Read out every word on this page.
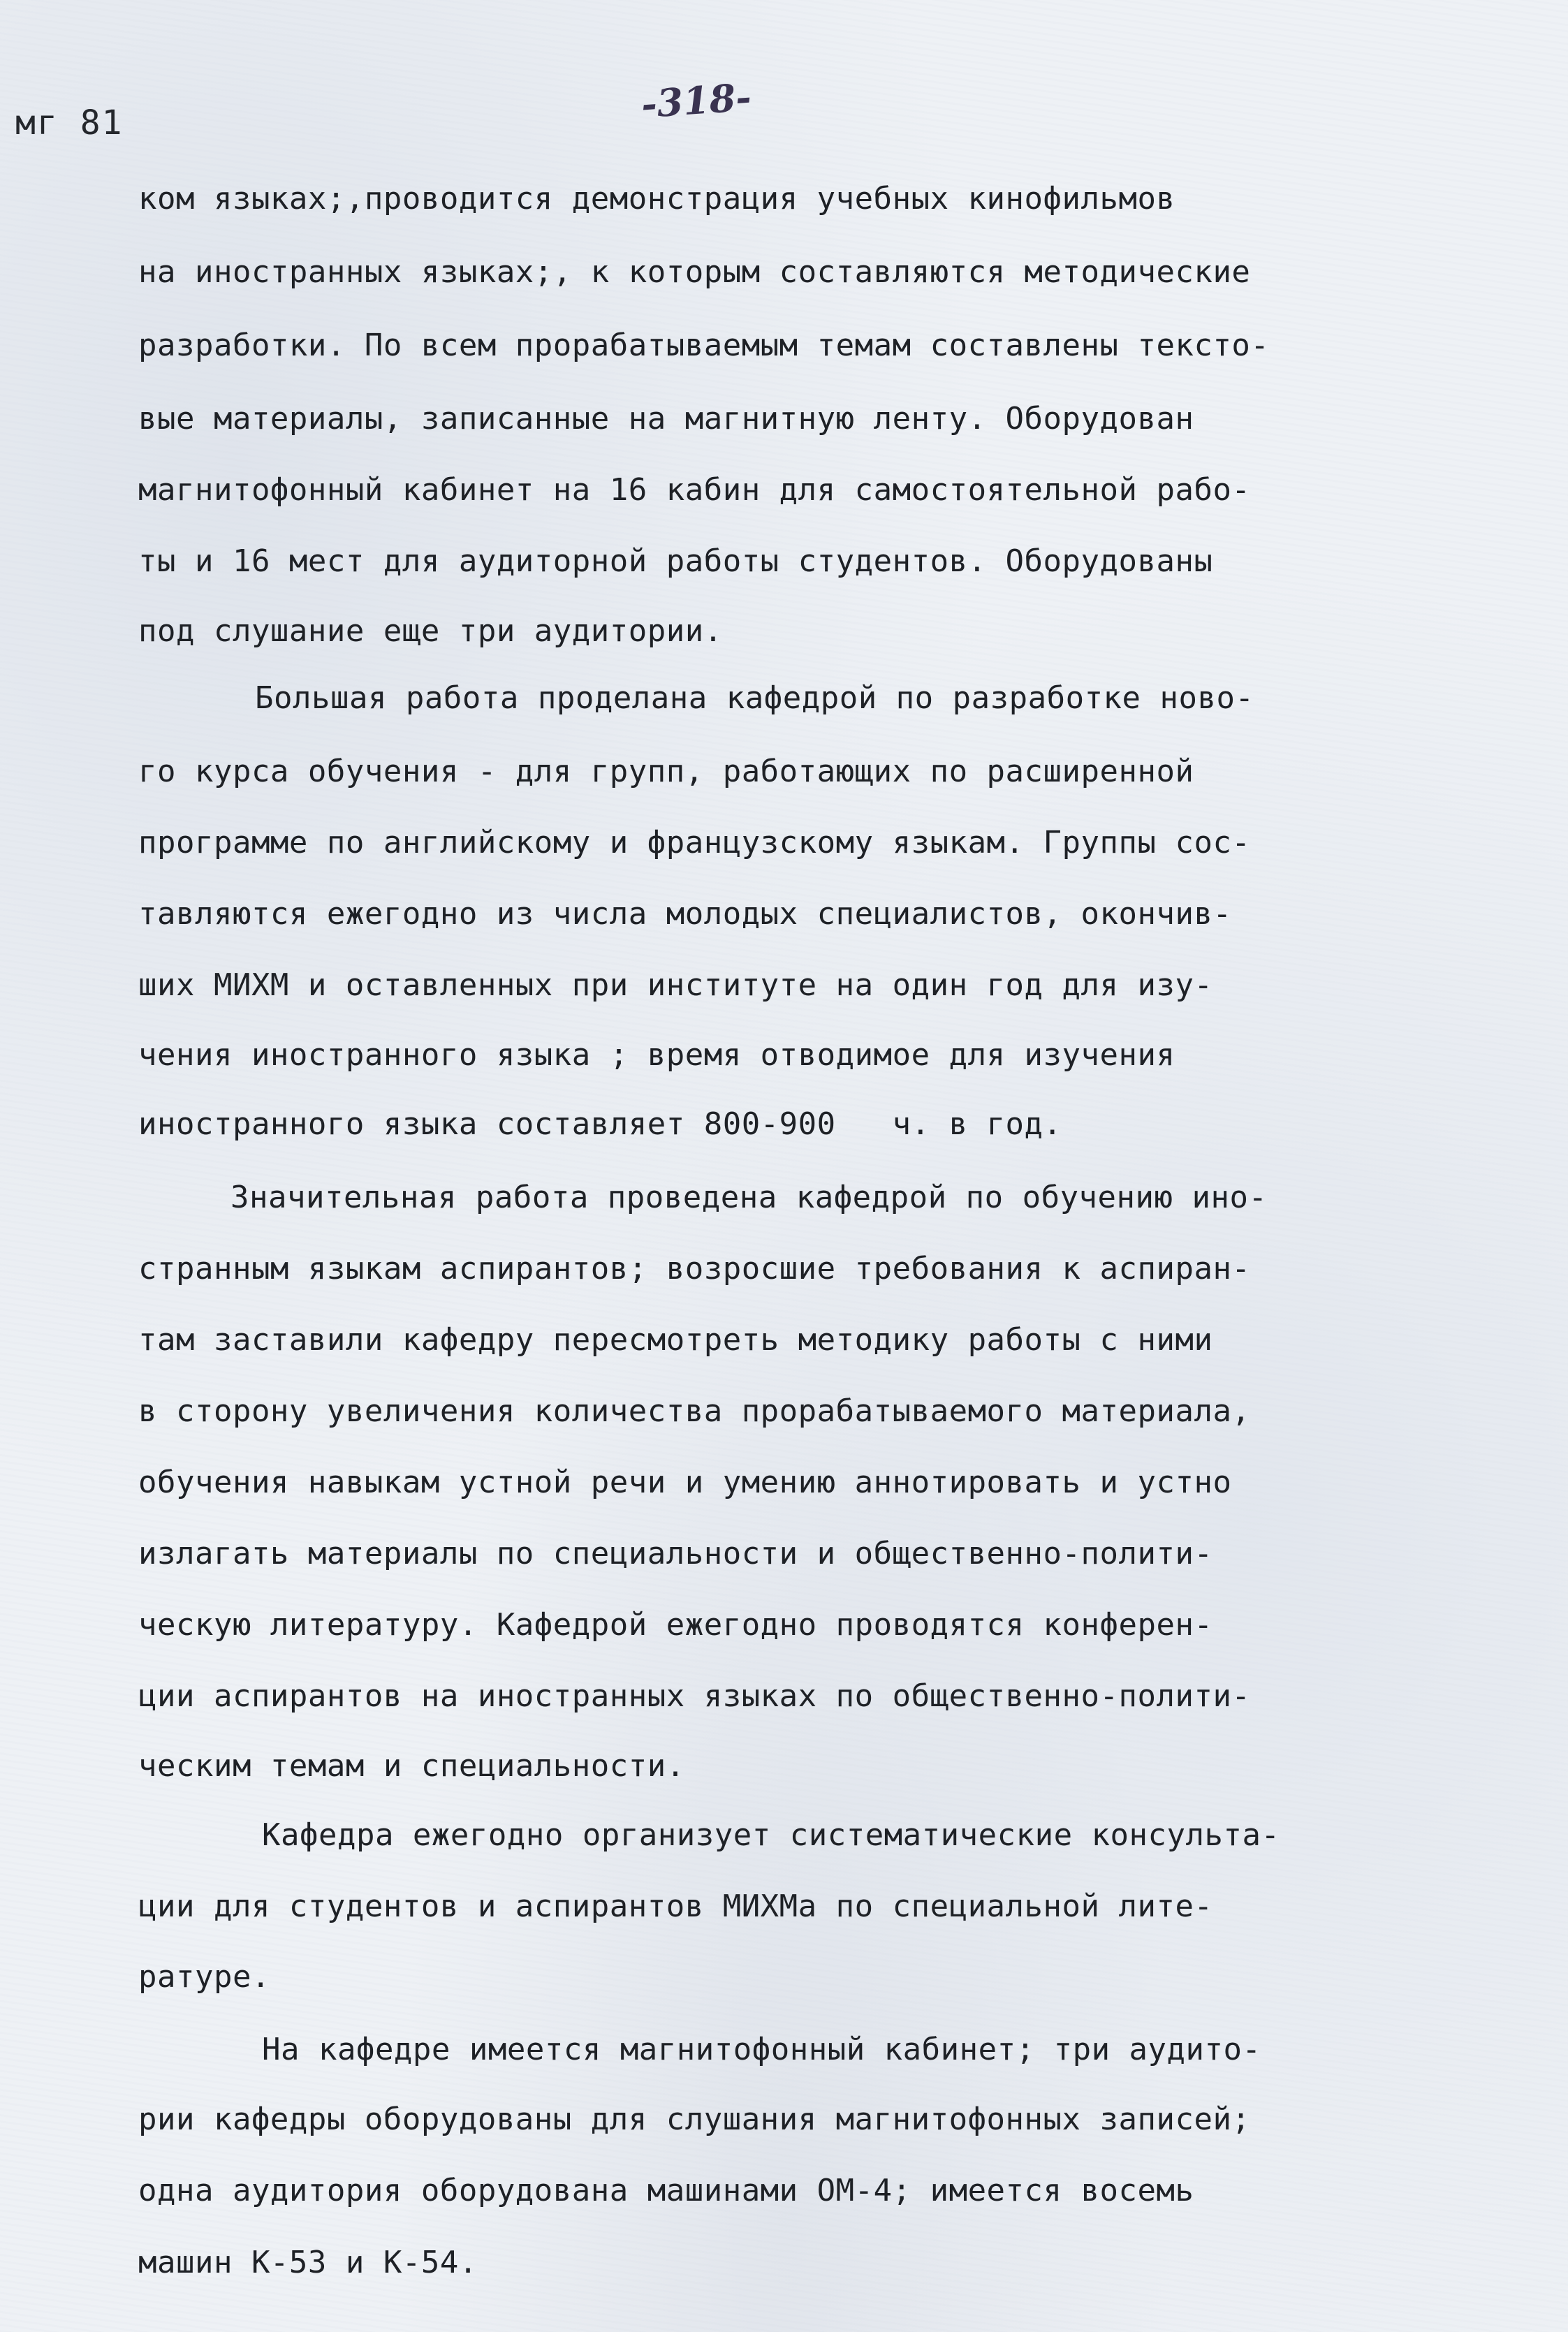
мг 81	-318-
ком языках;,проводится демонстрация учебных кинофильмов
на иностранных языках;, к которым составляются методические
разработки. По всем прорабатываемым темам составлены тексто-
вые материалы, записанные на магнитную ленту. Оборудован
магнитофонный кабинет на 16 кабин для самостоятельной рабо-
ты и 16 мест для аудиторной работы студентов. Оборудованы
под слушание еще три аудитории.
Большая работа проделана кафедрой по разработке ново-
го курса обучения - для групп, работающих по расширенной
программе по английскому и французскому языкам. Группы сос-
тавляются ежегодно из числа молодых специалистов, окончив-
ших МИХМ и оставленных при институте на один год для изу-
чения иностранного языка ; время отводимое для изучения
иностранного языка составляет 800-900   ч. в год.
Значительная работа проведена кафедрой по обучению ино-
странным языкам аспирантов; возросшие требования к аспиран-
там заставили кафедру пересмотреть методику работы с ними
в сторону увеличения количества прорабатываемого материала,
обучения навыкам устной речи и умению аннотировать и устно
излагать материалы по специальности и общественно-полити-
ческую литературу. Кафедрой ежегодно проводятся конферен-
ции аспирантов на иностранных языках по общественно-полити-
ческим темам и специальности.
Кафедра ежегодно организует систематические консульта-
ции для студентов и аспирантов МИХМа по специальной лите-
ратуре.
На кафедре имеется магнитофонный кабинет; три аудито-
рии кафедры оборудованы для слушания магнитофонных записей;
одна аудитория оборудована машинами ОМ-4; имеется восемь
машин К-53 и К-54.
